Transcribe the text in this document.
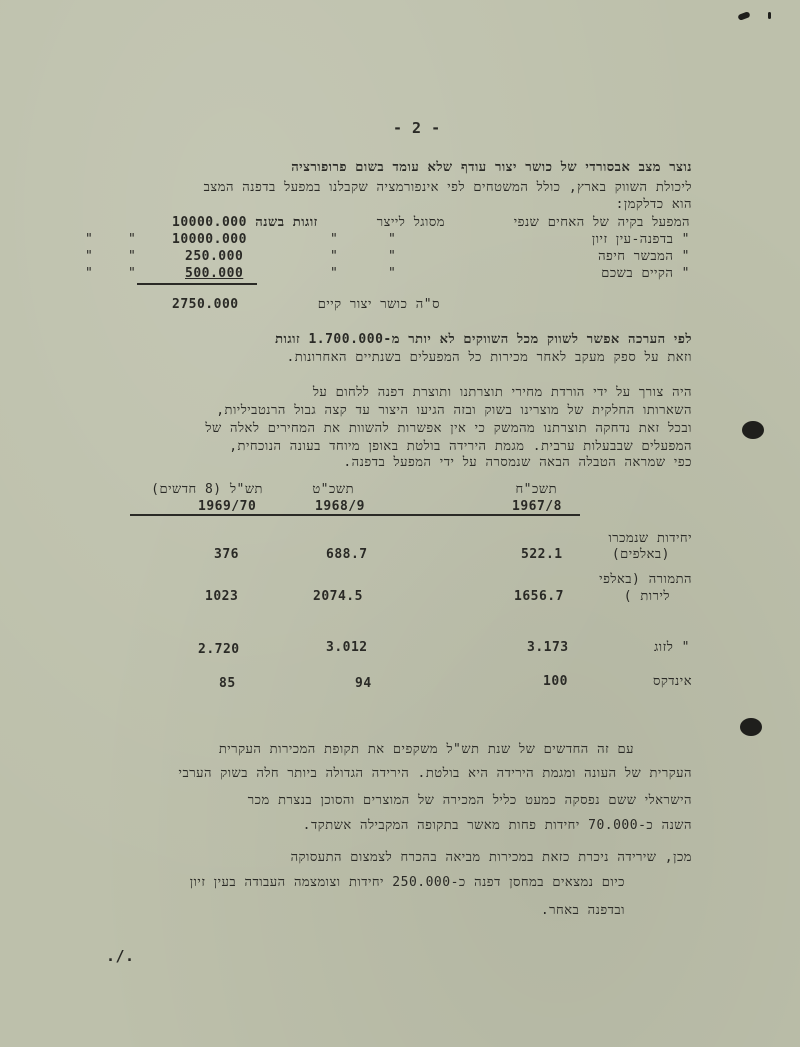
- 2 -
נוצר מצב אבסורדי של כושר יצור עודף שלא עומד בשום פרופורציה
ליכולת השווק בארץ, כולל המשטחים לפי אינפורמציה שקבלנו במפעל בדפנה המצב
הוא כדלקמן:
המפעל בקיה של האחים שנפי
מסוגל לייצר
10000.000 זוגות בשנה
" בדפנה-עין זיון
"
"
10000.000
"
"
" המבשר חיפה
"
"
250.000
"
"
" הקיים בשכם
"
"
500.000
"
"
2750.000	ס"ה כושר יצור קיים
לפי הערכה אפשר לשווק מכל השווקים לא יותר מ-1.700.000 זוגות
וזאת על ספק מעקב לאחר מכירות כל המפעלים בשנתיים האחרונות.
היה צורך על ידי הורדת מחירי תוצרתנו ותוצרת דפנה ללחום על
השארותו החלקית של מוצרינו בשוק ובזה הגיעו היצור עד קצה גבול הרנטביליות,
ובכל זאת נדחקה תוצרתנו מהמשק כי אין אפשרות להשוות את המחירים לאלה של
המפעלים שבבעלות ערבית. מגמת הירידה בולטת באופן מיוחד בעונה הנוכחית,
כפי שמראה הטבלה הבאה שנמסרה על ידי המפעל בדפנה.
תשכ"ח
1967/8
תשכ"ט
1968/9
תש"ל (8 חדשים)
1969/70
יחידות שנמכרו
(באלפים)
522.1
688.7
376
התמורה (באלפי
לירות )
1656.7
2074.5
1023
" לזוג
3.173
3.012
2.720
אינדקס
100
94
85
עם זה החדשים של שנת תש"ל משקפים את תקופת המכירות העקרית
העקרית של העונה ומגמת הירידה היא בולטת. הירידה הגדולה ביותר חלה בשוק הערבי
הישראלי ששם נפסקה כמעט כליל המכירה של המוצרים והסוכן בנצרת מכר
השנה כ-70.000 יחידות פחות מאשר בתקופה המקבילה אשתקד.
מכן, שירידה ניכרת כזאת במכירות מביאה בהכרח לצמצום התעסוקה
כיום נמצאים במחסן דפנה כ-250.000 יחידות וצומצמה העבודה בעין זיון
ובדפנה באחר.
./.
